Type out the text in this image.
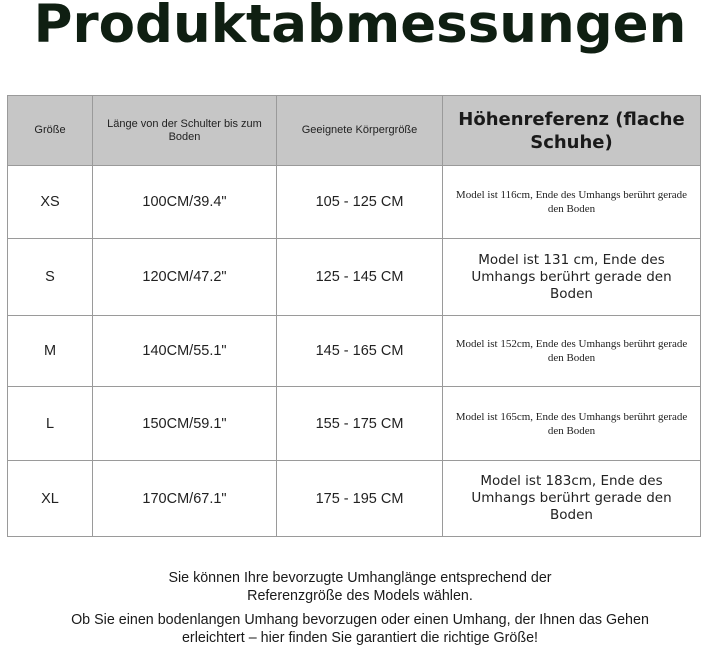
Produktabmessungen
Größe	Länge von der Schulter bis zum Boden	Geeignete Körpergröße	Höhenreferenz (flache Schuhe)
XS	100CM/39.4"	105 - 125 CM	Model ist 116cm, Ende des Umhangs berührt gerade den Boden
S	120CM/47.2"	125 - 145 CM	Model ist 131 cm, Ende des Umhangs berührt gerade den Boden
M	140CM/55.1"	145 - 165 CM	Model ist 152cm, Ende des Umhangs berührt gerade den Boden
L	150CM/59.1"	155 - 175 CM	Model ist 165cm, Ende des Umhangs berührt gerade den Boden
XL	170CM/67.1"	175 - 195 CM	Model ist 183cm, Ende des Umhangs berührt gerade den Boden
Sie können Ihre bevorzugte Umhanglänge entsprechend der
Referenzgröße des Models wählen.
Ob Sie einen bodenlangen Umhang bevorzugen oder einen Umhang, der Ihnen das Gehen
erleichtert – hier finden Sie garantiert die richtige Größe!
